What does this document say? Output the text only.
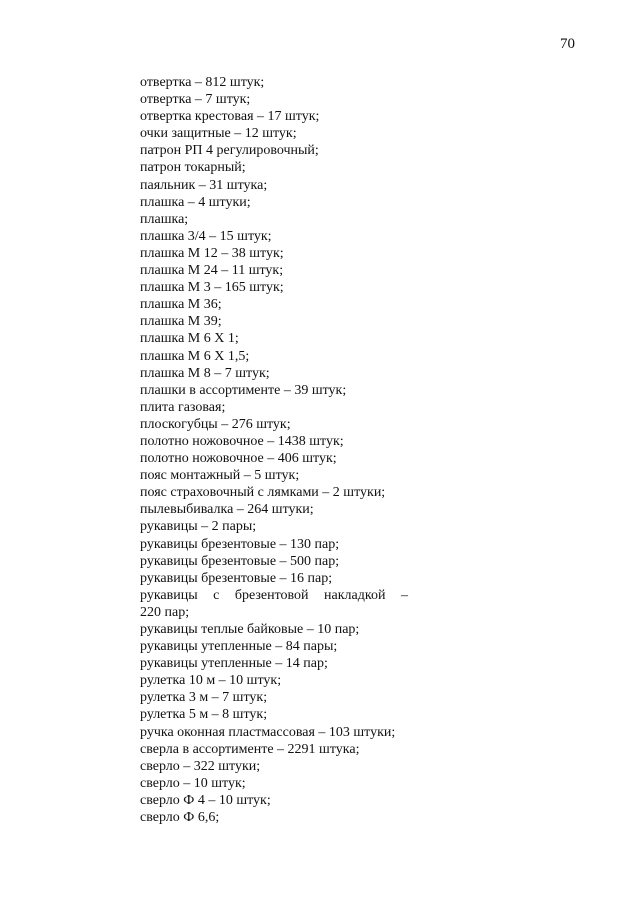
70
отвертка – 812 штук;
отвертка – 7 штук;
отвертка крестовая – 17 штук;
очки защитные – 12 штук;
патрон РП 4 регулировочный;
патрон токарный;
паяльник – 31 штука;
плашка – 4 штуки;
плашка;
плашка 3/4 – 15 штук;
плашка М 12 – 38 штук;
плашка М 24 – 11 штук;
плашка М 3 – 165 штук;
плашка М 36;
плашка М 39;
плашка М 6 Х 1;
плашка М 6 Х 1,5;
плашка М 8 – 7 штук;
плашки в ассортименте – 39 штук;
плита газовая;
плоскогубцы – 276 штук;
полотно ножовочное – 1438 штук;
полотно ножовочное – 406 штук;
пояс монтажный – 5 штук;
пояс страховочный с лямками – 2 штуки;
пылевыбивалка – 264 штуки;
рукавицы – 2 пары;
рукавицы брезентовые – 130 пар;
рукавицы брезентовые – 500 пар;
рукавицы брезентовые – 16 пар;
рукавицы с брезентовой накладкой –
220 пар;
рукавицы теплые байковые – 10 пар;
рукавицы утепленные – 84 пары;
рукавицы утепленные – 14 пар;
рулетка 10 м – 10 штук;
рулетка 3 м – 7 штук;
рулетка 5 м – 8 штук;
ручка оконная пластмассовая – 103 штуки;
сверла в ассортименте – 2291 штука;
сверло – 322 штуки;
сверло – 10 штук;
сверло Ф 4 – 10 штук;
сверло Ф 6,6;
